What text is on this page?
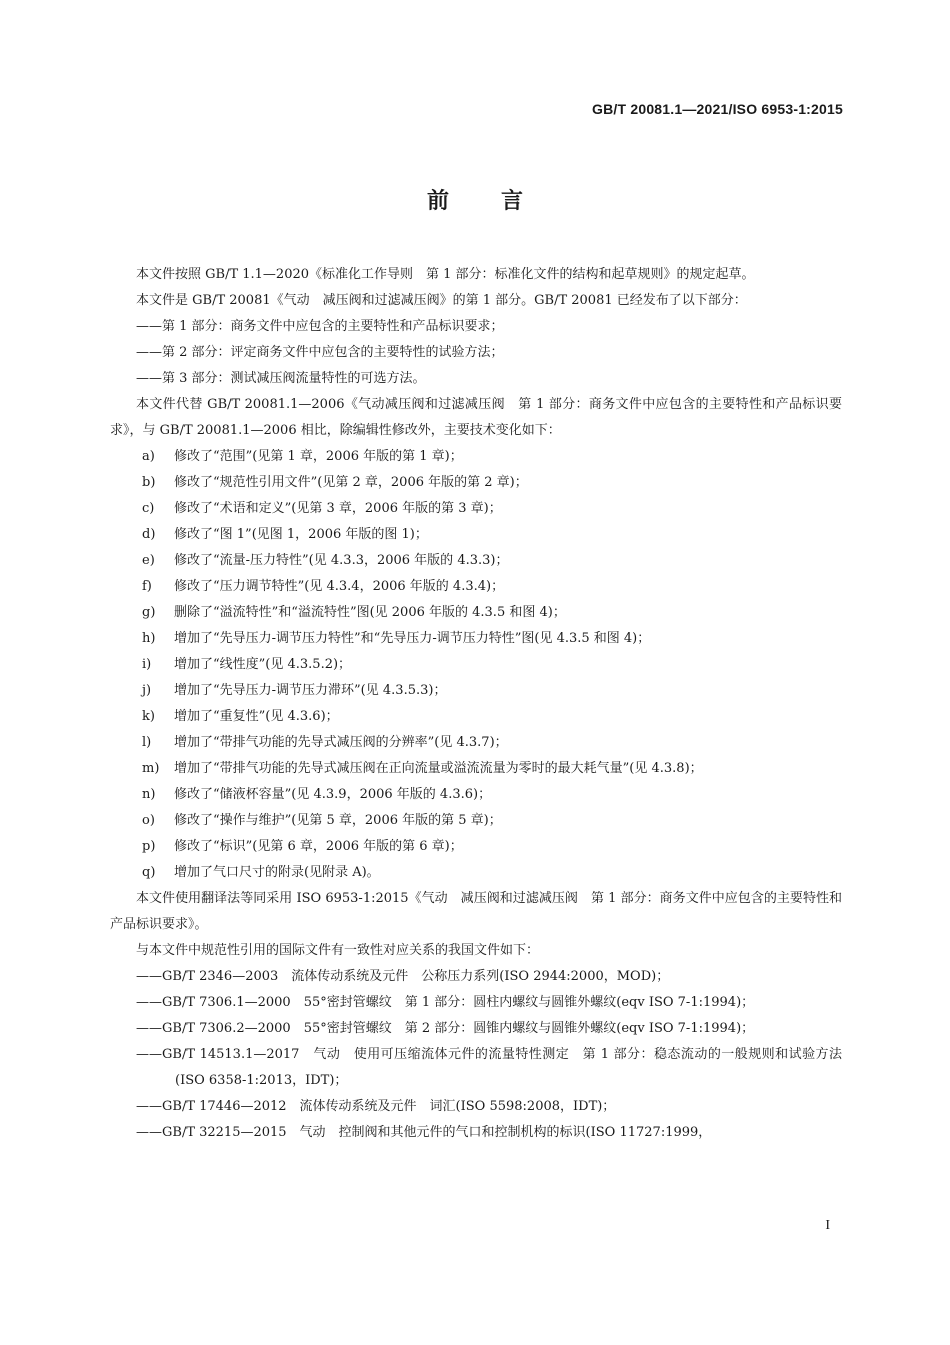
GB/T 20081.1—2021/ISO 6953-1:2015
前言

本文件按照 GB/T 1.1—2020《标准化工作导则　第 1 部分：标准化文件的结构和起草规则》的规定起草。

本文件是 GB/T 20081《气动　减压阀和过滤减压阀》的第 1 部分。GB/T 20081 已经发布了以下部分：

——第 1 部分：商务文件中应包含的主要特性和产品标识要求；

——第 2 部分：评定商务文件中应包含的主要特性的试验方法；

——第 3 部分：测试减压阀流量特性的可选方法。

本文件代替 GB/T 20081.1—2006《气动减压阀和过滤减压阀　第 1 部分：商务文件中应包含的主要特性和产品标识要求》，与 GB/T 20081.1—2006 相比，除编辑性修改外，主要技术变化如下：

a)	修改了“范围”(见第 1 章，2006 年版的第 1 章)；
b)	修改了“规范性引用文件”(见第 2 章，2006 年版的第 2 章)；
c)	修改了“术语和定义”(见第 3 章，2006 年版的第 3 章)；
d)	修改了“图 1”(见图 1，2006 年版的图 1)；
e)	修改了“流量-压力特性”(见 4.3.3，2006 年版的 4.3.3)；
f)	修改了“压力调节特性”(见 4.3.4，2006 年版的 4.3.4)；
g)	删除了“溢流特性”和“溢流特性”图(见 2006 年版的 4.3.5 和图 4)；
h)	增加了“先导压力-调节压力特性”和“先导压力-调节压力特性”图(见 4.3.5 和图 4)；
i)	增加了“线性度”(见 4.3.5.2)；
j)	增加了“先导压力-调节压力滞环”(见 4.3.5.3)；
k)	增加了“重复性”(见 4.3.6)；
l)	增加了“带排气功能的先导式减压阀的分辨率”(见 4.3.7)；
m)	增加了“带排气功能的先导式减压阀在正向流量或溢流流量为零时的最大耗气量”(见 4.3.8)；
n)	修改了“储液杯容量”(见 4.3.9，2006 年版的 4.3.6)；
o)	修改了“操作与维护”(见第 5 章，2006 年版的第 5 章)；
p)	修改了“标识”(见第 6 章，2006 年版的第 6 章)；
q)	增加了气口尺寸的附录(见附录 A)。

本文件使用翻译法等同采用 ISO 6953-1:2015《气动　减压阀和过滤减压阀　第 1 部分：商务文件中应包含的主要特性和产品标识要求》。

与本文件中规范性引用的国际文件有一致性对应关系的我国文件如下：

——GB/T 2346—2003　流体传动系统及元件　公称压力系列(ISO 2944:2000，MOD)；

——GB/T 7306.1—2000　55°密封管螺纹　第 1 部分：圆柱内螺纹与圆锥外螺纹(eqv ISO 7-1:1994)；

——GB/T 7306.2—2000　55°密封管螺纹　第 2 部分：圆锥内螺纹与圆锥外螺纹(eqv ISO 7-1:1994)；

——GB/T 14513.1—2017　气动　使用可压缩流体元件的流量特性测定　第 1 部分：稳态流动的一般规则和试验方法(ISO 6358-1:2013，IDT)；

——GB/T 17446—2012　流体传动系统及元件　词汇(ISO 5598:2008，IDT)；

——GB/T 32215—2015　气动　控制阀和其他元件的气口和控制机构的标识(ISO 11727:1999，

I
